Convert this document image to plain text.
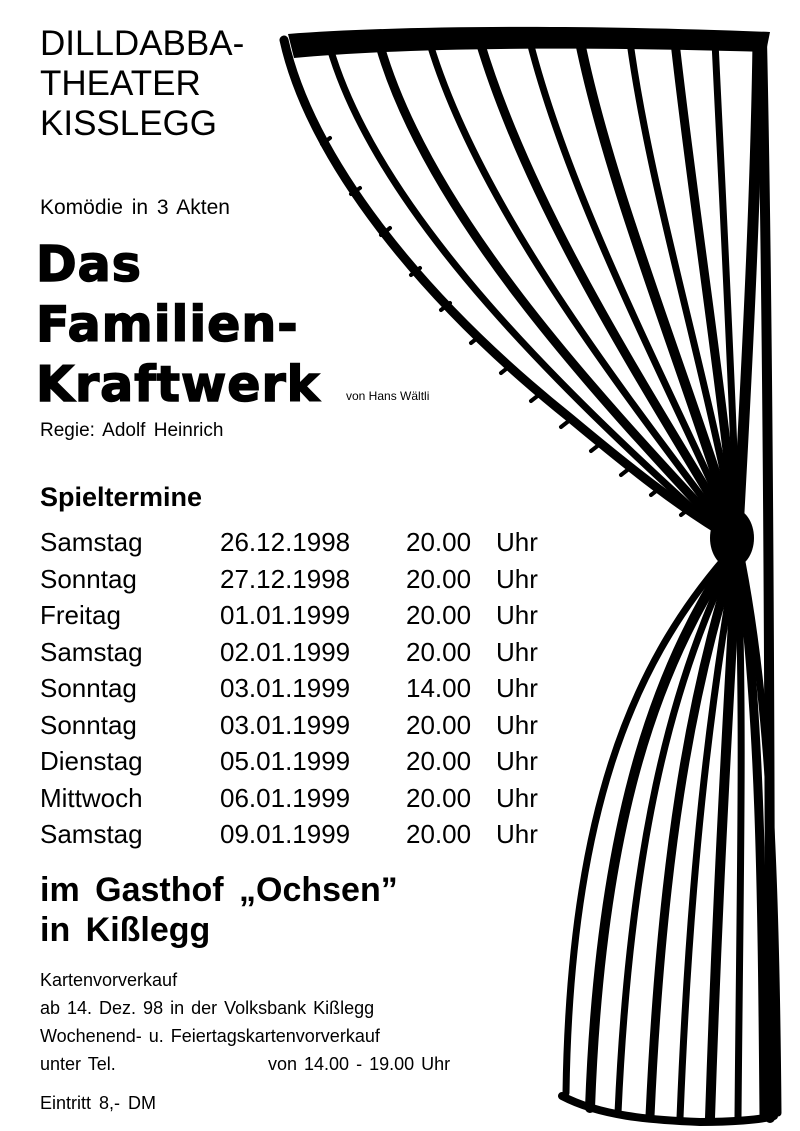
DILLDABBA-
THEATER
KISSLEGG
Komödie in 3 Akten
Das
Familien-
Kraftwerk von Hans Wältli
Regie: Adolf Heinrich
Spieltermine
Samstag	26.12.1998 20.00 Uhr
Sonntag	27.12.1998 20.00 Uhr
Freitag	01.01.1999 20.00 Uhr
Samstag	02.01.1999 20.00 Uhr
Sonntag	03.01.1999 14.00 Uhr
Sonntag	03.01.1999 20.00 Uhr
Dienstag	05.01.1999 20.00 Uhr
Mittwoch	06.01.1999 20.00 Uhr
Samstag	09.01.1999 20.00 Uhr
im Gasthof „Ochsen”
in Kißlegg
Kartenvorverkauf
ab 14. Dez. 98 in der Volksbank Kißlegg
Wochenend- u. Feiertagskartenvorverkauf
unter Tel.	von 14.00 - 19.00 Uhr
Eintritt 8,- DM
